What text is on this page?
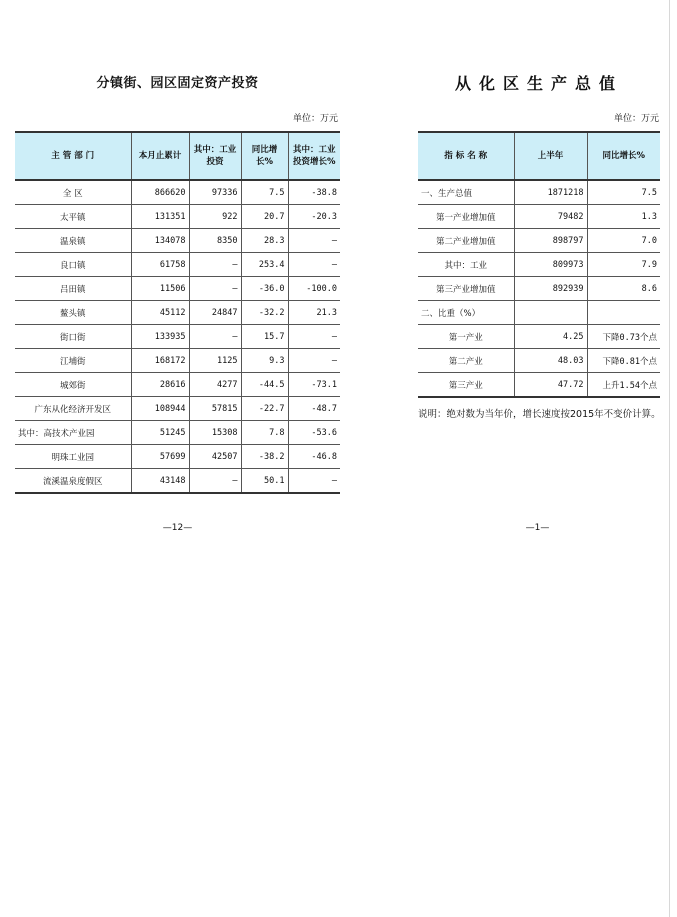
分镇街、园区固定资产投资
单位：万元
主 管 部 门	本月止累计	其中：工业投资	同比增长%	其中：工业投资增长%
全 区	866620	97336	7.5	-38.8
太平镇	131351	922	20.7	-20.3
温泉镇	134078	8350	28.3	—
良口镇	61758	—	253.4	—
吕田镇	11506	—	-36.0	-100.0
鳌头镇	45112	24847	-32.2	21.3
街口街	133935	—	15.7	—
江埔街	168172	1125	9.3	—
城郊街	28616	4277	-44.5	-73.1
广东从化经济开发区	108944	57815	-22.7	-48.7
其中：高技术产业园	51245	15308	7.8	-53.6
明珠工业园	57699	42507	-38.2	-46.8
流溪温泉度假区	43148	—	50.1	—
—12—
从化区生产总值
单位：万元
指 标 名 称	上半年	同比增长%
一、生产总值	1871218	7.5
第一产业增加值	79482	1.3
第二产业增加值	898797	7.0
其中：工业	809973	7.9
第三产业增加值	892939	8.6
二、比重（%）		
第一产业	4.25	下降0.73个点
第二产业	48.03	下降0.81个点
第三产业	47.72	上升1.54个点
说明：绝对数为当年价，增长速度按2015年不变价计算。
—1—
